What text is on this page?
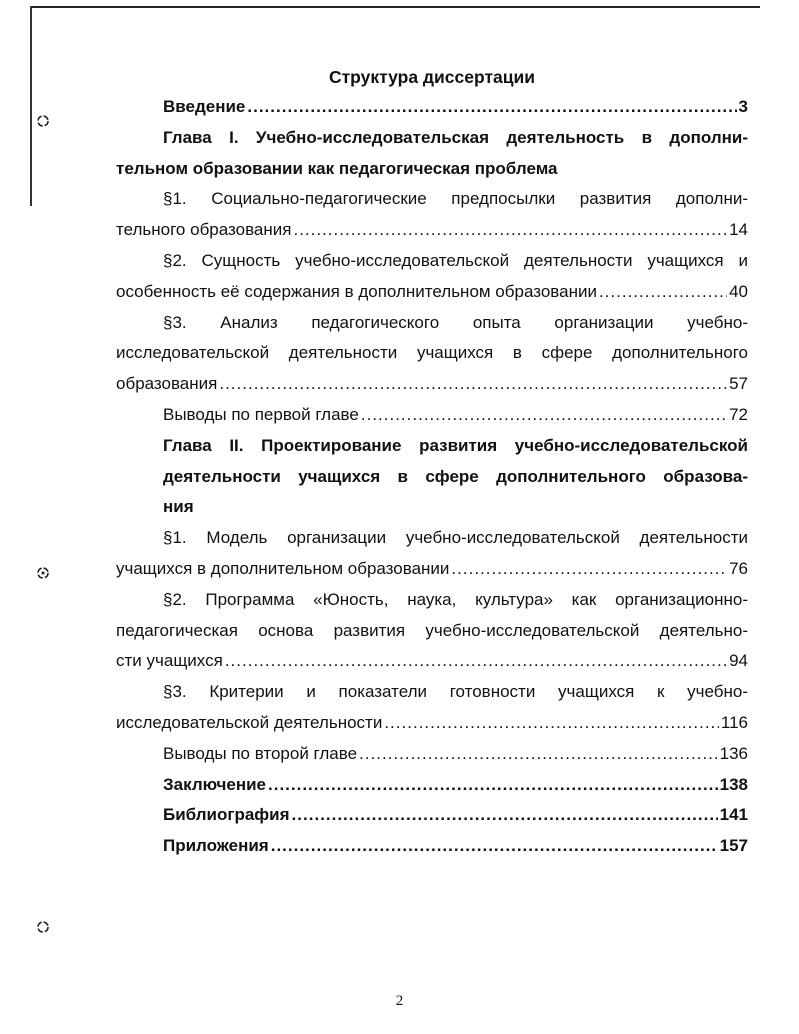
Структура диссертации
Введение .....	3
Глава I. Учебно-исследовательская деятельность в дополни-
тельном образовании как педагогическая проблема
§1. Социально-педагогические предпосылки развития дополни-
тельного образования .....	14
§2. Сущность учебно-исследовательской деятельности учащихся и
особенность её содержания в дополнительном образовании .....	40
§3. Анализ педагогического опыта организации учебно-
исследовательской деятельности учащихся в сфере дополнительного
образования .....	57
Выводы по первой главе .....	72
Глава II. Проектирование развития учебно-исследовательской
деятельности учащихся в сфере дополнительного образова-
ния
§1. Модель организации учебно-исследовательской деятельности
учащихся в дополнительном образовании .....	76
§2. Программа «Юность, наука, культура» как организационно-
педагогическая основа развития учебно-исследовательской деятельно-
сти учащихся .....	94
§3. Критерии и показатели готовности учащихся к учебно-
исследовательской деятельности .....	116
Выводы по второй главе .....	136
Заключение .....	138
Библиография .....	141
Приложения .....	157
2
